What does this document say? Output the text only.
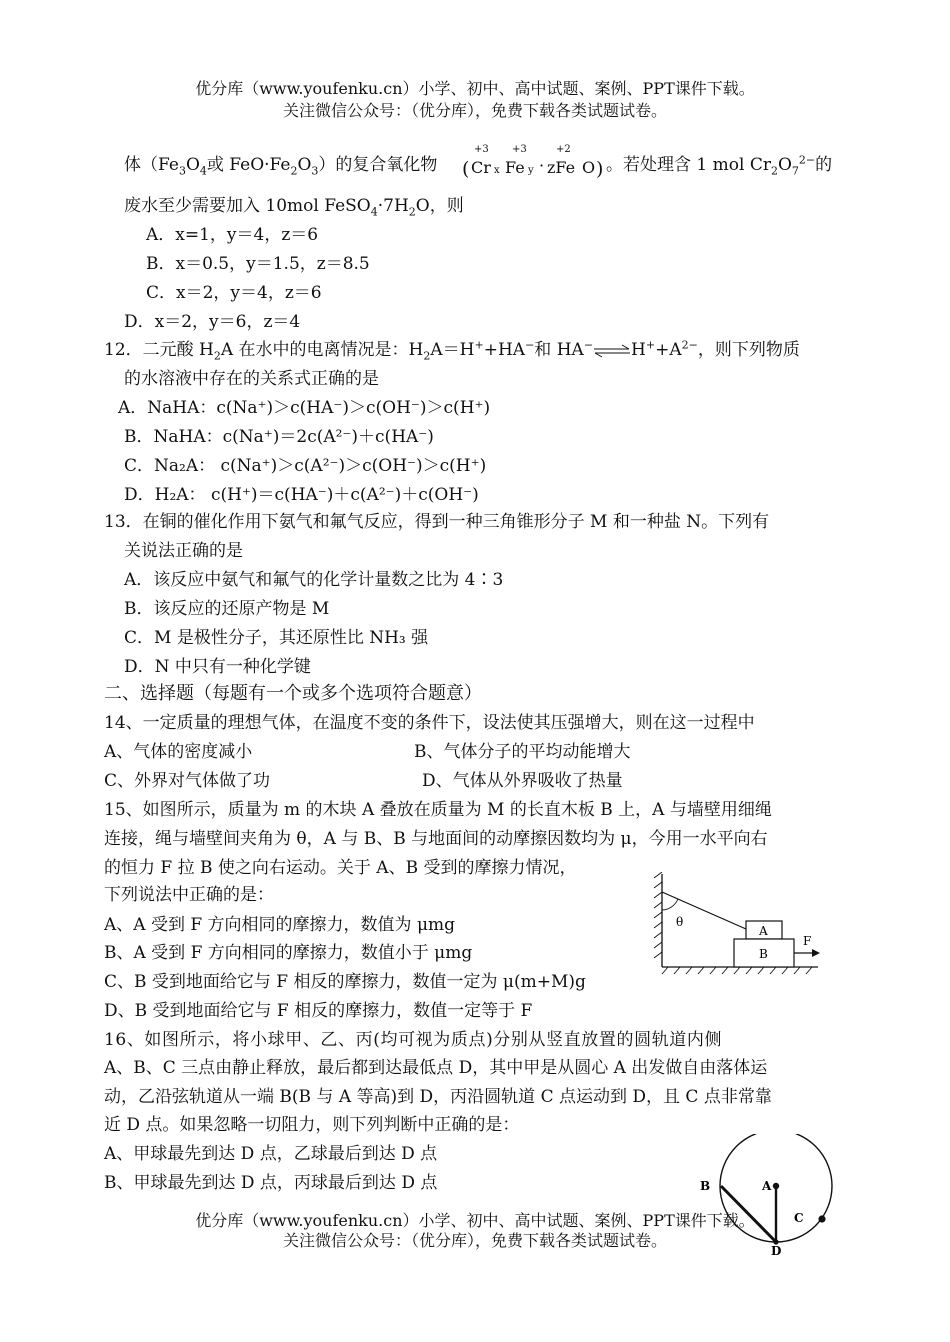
优分库（www.youfenku.cn）小学、初中、高中试题、案例、PPT课件下载。
关注微信公众号：（优分库），免费下载各类试题试卷。
体（$Fe_3O_4$或 $FeO\cdot Fe_2O_3$）的复合氧化物
+3 +3	+2
( Cr x Fe y · zFe O ) 。若处理含 1 mol $Cr_2O_7^{2-}$的
废水至少需要加入 10mol $FeSO_4\cdot 7H_2O$，则
A．x=1，y＝4，z＝6
B．x＝0.5，y＝1.5，z＝8.5
C．x＝2，y＝4，z＝6
D．x＝2，y＝6，z＝4
12．二元酸 $H_2A$ 在水中的电离情况是：$H_2A=H^++HA^-$和 $HA^-\rightleftharpoons H^++A^{2-}$，则下列物质
的水溶液中存在的关系式正确的是
A．NaHA：c(Na⁺)＞c(HA⁻)＞c(OH⁻)＞c(H⁺)
B．NaHA：c(Na⁺)＝2c(A²⁻)＋c(HA⁻)
C．Na₂A： c(Na⁺)＞c(A²⁻)＞c(OH⁻)＞c(H⁺)
D．H₂A： c(H⁺)＝c(HA⁻)＋c(A²⁻)＋c(OH⁻)
13．在铜的催化作用下氨气和氟气反应，得到一种三角锥形分子 M 和一种盐 N。下列有
关说法正确的是
A．该反应中氨气和氟气的化学计量数之比为 4∶3
B．该反应的还原产物是 M
C．M 是极性分子，其还原性比 NH₃ 强
D．N 中只有一种化学键
二、选择题（每题有一个或多个选项符合题意）
14、一定质量的理想气体，在温度不变的条件下，设法使其压强增大，则在这一过程中
A、气体的密度减小	B、气体分子的平均动能增大
C、外界对气体做了功	D、气体从外界吸收了热量
15、如图所示，质量为 m 的木块 A 叠放在质量为 M 的长直木板 B 上，A 与墙壁用细绳
连接，绳与墙壁间夹角为 θ，A 与 B、B 与地面间的动摩擦因数均为 μ，今用一水平向右
的恒力 F 拉 B 使之向右运动。关于 A、B 受到的摩擦力情况，
下列说法中正确的是：
A、A 受到 F 方向相同的摩擦力，数值为 μmg
B、A 受到 F 方向相同的摩擦力，数值小于 μmg
C、B 受到地面给它与 F 相反的摩擦力，数值一定为 μ(m+M)g
D、B 受到地面给它与 F 相反的摩擦力，数值一定等于 F
θ
A
B
F
16、如图所示，将小球甲、乙、丙(均可视为质点)分别从竖直放置的圆轨道内侧
A、B、C 三点由静止释放，最后都到达最低点 D，其中甲是从圆心 A 出发做自由落体运
动，乙沿弦轨道从一端 B(B 与 A 等高)到 D，丙沿圆轨道 C 点运动到 D，且 C 点非常靠
近 D 点。如果忽略一切阻力，则下列判断中正确的是：
A、甲球最先到达 D 点，乙球最后到达 D 点
B、甲球最先到达 D 点，丙球最后到达 D 点	B	A
C
D
优分库（www.youfenku.cn）小学、初中、高中试题、案例、PPT课件下载。
关注微信公众号：（优分库），免费下载各类试题试卷。
